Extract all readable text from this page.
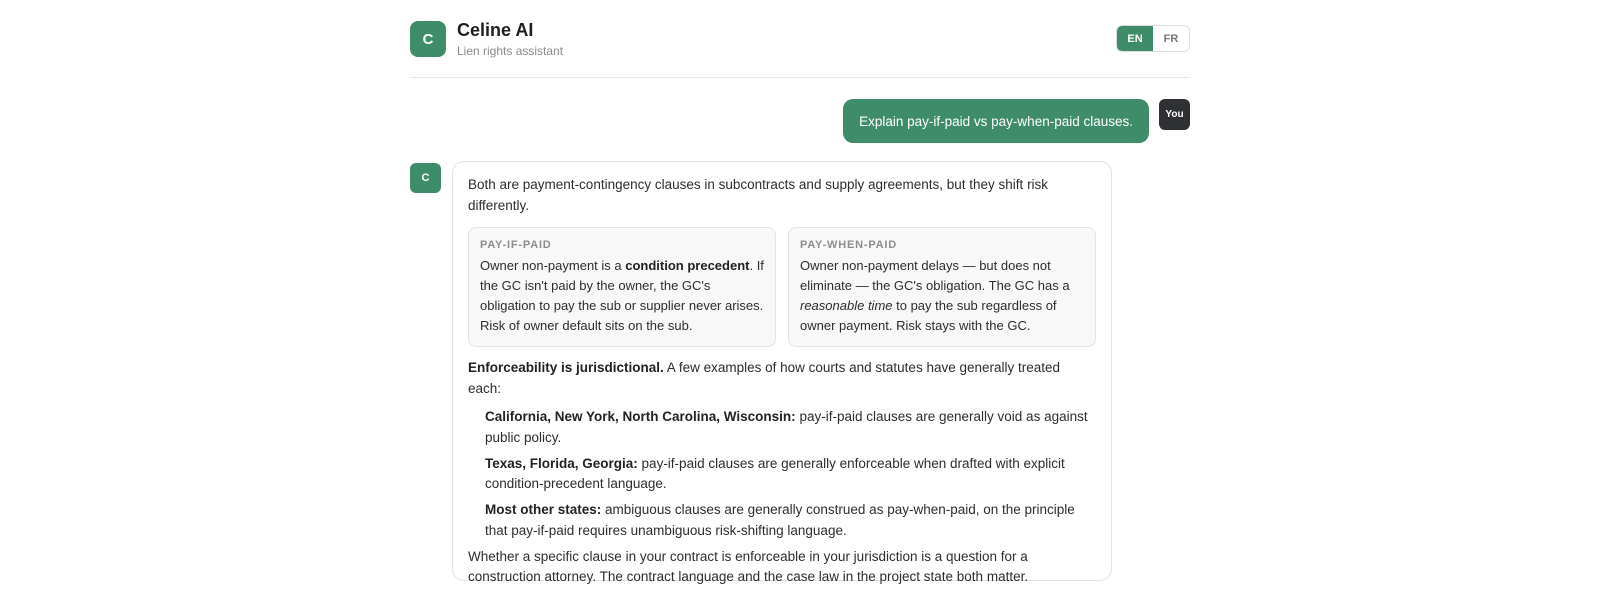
C	Celine AI
Lien rights assistant
EN	FR
Explain pay-if-paid vs pay-when-paid clauses.	You
C	Both are payment-contingency clauses in subcontracts and supply agreements, but they shift risk differently.

PAY-IF-PAID

Owner non-payment is a condition precedent. If the GC isn't paid by the owner, the GC's obligation to pay the sub or supplier never arises. Risk of owner default sits on the sub.

PAY-WHEN-PAID

Owner non-payment delays — but does not eliminate — the GC's obligation. The GC has a reasonable time to pay the sub regardless of owner payment. Risk stays with the GC.

Enforceability is jurisdictional. A few examples of how courts and statutes have generally treated each:

California, New York, North Carolina, Wisconsin: pay-if-paid clauses are generally void as against public policy.

Texas, Florida, Georgia: pay-if-paid clauses are generally enforceable when drafted with explicit condition-precedent language.

Most other states: ambiguous clauses are generally construed as pay-when-paid, on the principle that pay-if-paid requires unambiguous risk-shifting language.

Whether a specific clause in your contract is enforceable in your jurisdiction is a question for a construction attorney. The contract language and the case law in the project state both matter.
